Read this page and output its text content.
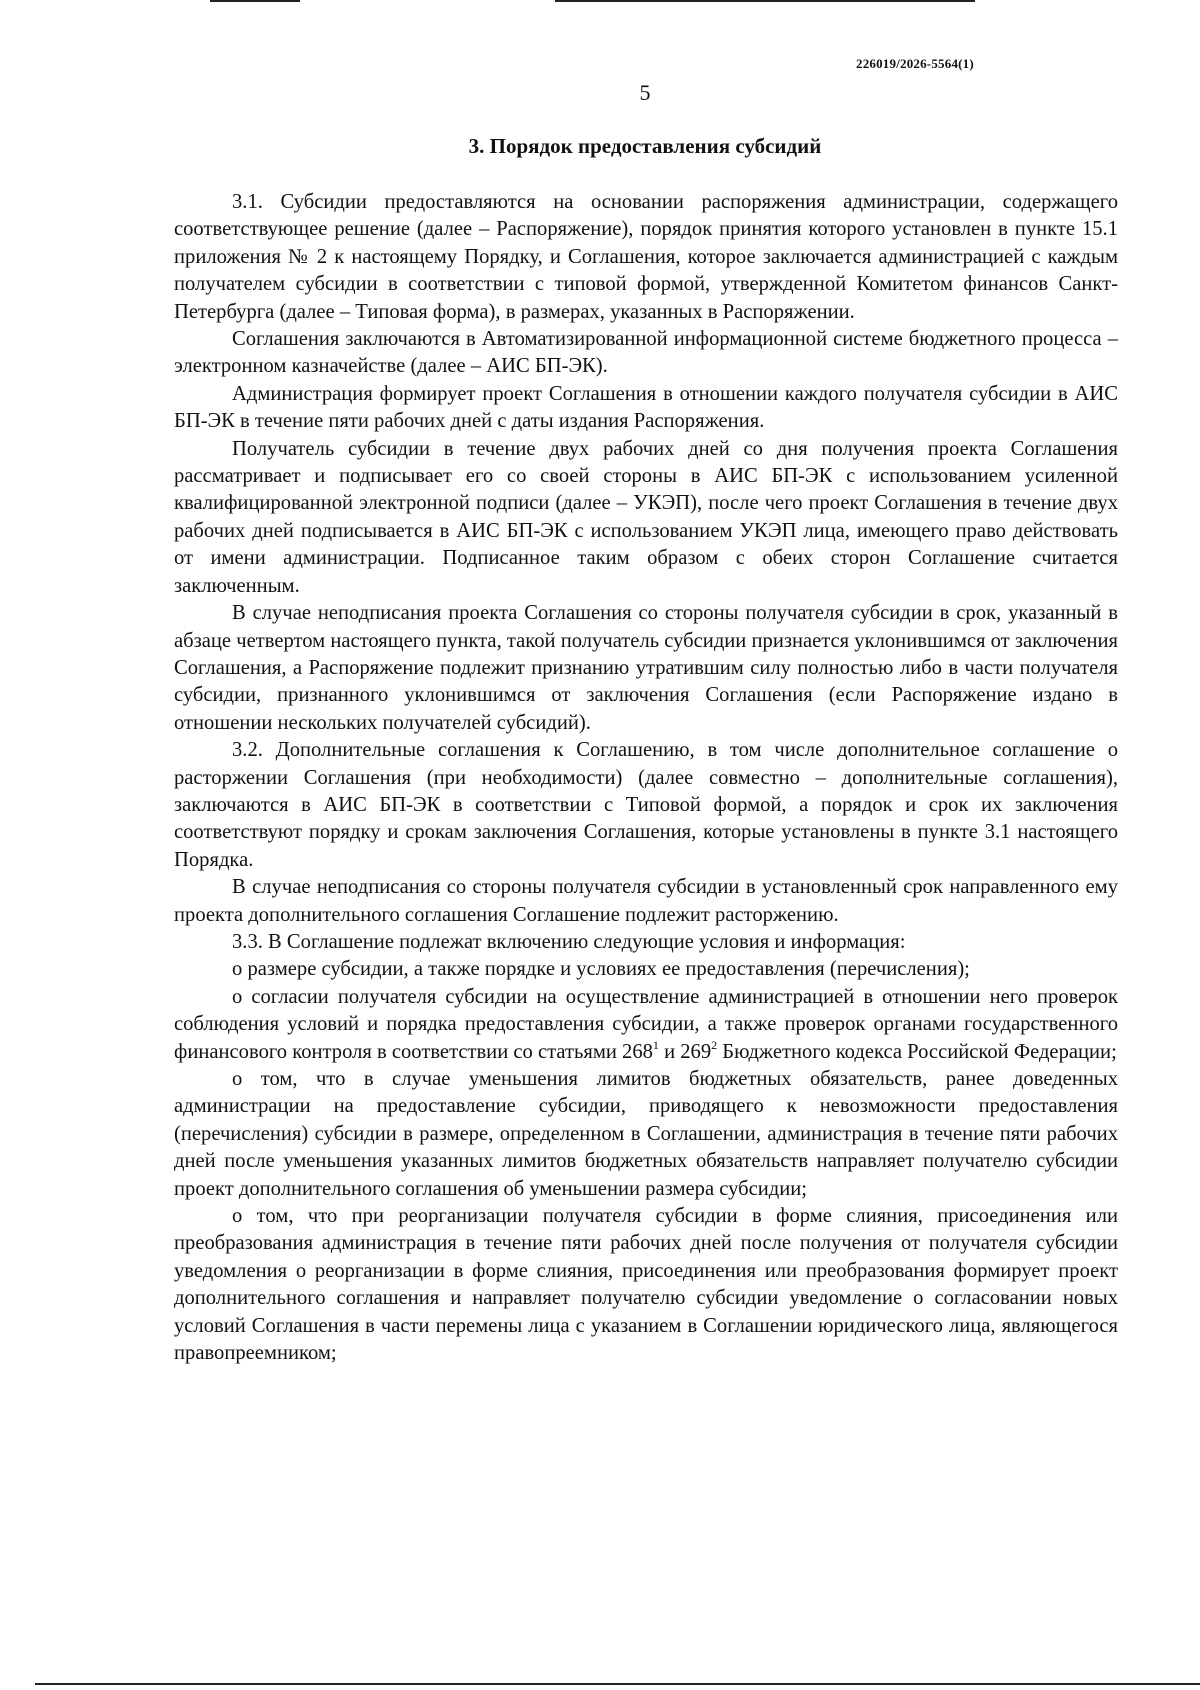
226019/2026-5564(1)
5
3. Порядок предоставления субсидий

3.1. Субсидии предоставляются на основании распоряжения администрации, содержащего соответствующее решение (далее – Распоряжение), порядок принятия которого установлен в пункте 15.1 приложения № 2 к настоящему Порядку, и Соглашения, которое заключается администрацией с каждым получателем субсидии в соответствии с типовой формой, утвержденной Комитетом финансов Санкт-Петербурга (далее – Типовая форма), в размерах, указанных в Распоряжении.

Соглашения заключаются в Автоматизированной информационной системе бюджетного процесса – электронном казначействе (далее – АИС БП-ЭК).

Администрация формирует проект Соглашения в отношении каждого получателя субсидии в АИС БП-ЭК в течение пяти рабочих дней с даты издания Распоряжения.

Получатель субсидии в течение двух рабочих дней со дня получения проекта Соглашения рассматривает и подписывает его со своей стороны в АИС БП-ЭК с использованием усиленной квалифицированной электронной подписи (далее – УКЭП), после чего проект Соглашения в течение двух рабочих дней подписывается в АИС БП-ЭК с использованием УКЭП лица, имеющего право действовать от имени администрации. Подписанное таким образом с обеих сторон Соглашение считается заключенным.

В случае неподписания проекта Соглашения со стороны получателя субсидии в срок, указанный в абзаце четвертом настоящего пункта, такой получатель субсидии признается уклонившимся от заключения Соглашения, а Распоряжение подлежит признанию утратившим силу полностью либо в части получателя субсидии, признанного уклонившимся от заключения Соглашения (если Распоряжение издано в отношении нескольких получателей субсидий).

3.2. Дополнительные соглашения к Соглашению, в том числе дополнительное соглашение о расторжении Соглашения (при необходимости) (далее совместно – дополнительные соглашения), заключаются в АИС БП-ЭК в соответствии с Типовой формой, а порядок и срок их заключения соответствуют порядку и срокам заключения Соглашения, которые установлены в пункте 3.1 настоящего Порядка.

В случае неподписания со стороны получателя субсидии в установленный срок направленного ему проекта дополнительного соглашения Соглашение подлежит расторжению.

3.3. В Соглашение подлежат включению следующие условия и информация:

о размере субсидии, а также порядке и условиях ее предоставления (перечисления);

о согласии получателя субсидии на осуществление администрацией в отношении него проверок соблюдения условий и порядка предоставления субсидии, а также проверок органами государственного финансового контроля в соответствии со статьями $268^1$ и $269^2$ Бюджетного кодекса Российской Федерации;

о том, что в случае уменьшения лимитов бюджетных обязательств, ранее доведенных администрации на предоставление субсидии, приводящего к невозможности предоставления (перечисления) субсидии в размере, определенном в Соглашении, администрация в течение пяти рабочих дней после уменьшения указанных лимитов бюджетных обязательств направляет получателю субсидии проект дополнительного соглашения об уменьшении размера субсидии;

о том, что при реорганизации получателя субсидии в форме слияния, присоединения или преобразования администрация в течение пяти рабочих дней после получения от получателя субсидии уведомления о реорганизации в форме слияния, присоединения или преобразования формирует проект дополнительного соглашения и направляет получателю субсидии уведомление о согласовании новых условий Соглашения в части перемены лица с указанием в Соглашении юридического лица, являющегося правопреемником;
